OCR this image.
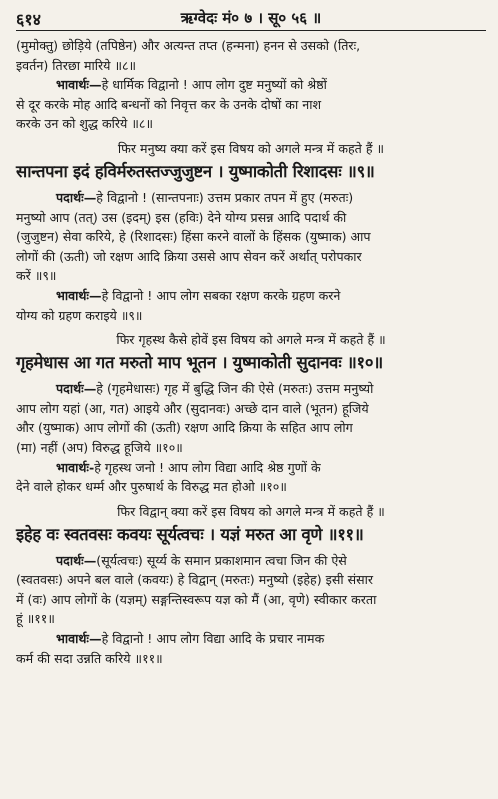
६१४	ऋग्वेदः मं० ७ । सू० ५६ ॥
(मुमोक्तु) छोड़िये (तपिष्ठेन) और अत्यन्त तप्त (हन्मना) हनन से उसको (तिरः,
इवर्तन) तिरछा मारिये ॥८॥
भावार्थः—हे धार्मिक विद्वानो ! आप लोग दुष्ट मनुष्यों को श्रेष्ठों
से दूर करके मोह आदि बन्धनों को निवृत्त कर के उनके दोषों का नाश
करके उन को शुद्ध करिये ॥८॥
फिर मनुष्य क्या करें इस विषय को अगले मन्त्र में कहते हैं ॥
सान्तपना इदं हविर्मरुतस्तज्जुजुष्टन । युष्माकोती रिशादसः ॥९॥
पदार्थः—हे विद्वानो ! (सान्तपनाः) उत्तम प्रकार तपन में हुए (मरुतः)
मनुष्यो आप (तत्) उस (इदम्) इस (हविः) देने योग्य प्रसन्न आदि पदार्थ की
(जुजुष्टन) सेवा करिये, हे (रिशादसः) हिंसा करने वालों के हिंसक (युष्माक) आप
लोगों की (ऊती) जो रक्षण आदि क्रिया उससे आप सेवन करें अर्थात् परोपकार
करें ॥९॥
भावार्थः—हे विद्वानो ! आप लोग सबका रक्षण करके ग्रहण करने
योग्य को ग्रहण कराइये ॥९॥
फिर गृहस्थ कैसे होवें इस विषय को अगले मन्त्र में कहते हैं ॥
गृहमेधास आ गत मरुतो माप भूतन । युष्माकोती सुदानवः ॥१०॥
पदार्थः—हे (गृहमेधासः) गृह में बुद्धि जिन की ऐसे (मरुतः) उत्तम मनुष्यो
आप लोग यहां (आ, गत) आइये और (सुदानवः) अच्छे दान वाले (भूतन) हूजिये
और (युष्माक) आप लोगों की (ऊती) रक्षण आदि क्रिया के सहित आप लोग
(मा) नहीं (अप) विरुद्ध हूजिये ॥१०॥
भावार्थः-हे गृहस्थ जनो ! आप लोग विद्या आदि श्रेष्ठ गुणों के
देने वाले होकर धर्म्म और पुरुषार्थ के विरुद्ध मत होओ ॥१०॥
फिर विद्वान् क्या करें इस विषय को अगले मन्त्र में कहते हैं ॥
इहेह वः स्वतवसः कवयः सूर्यत्वचः । यज्ञं मरुत आ वृणे ॥११॥
पदार्थः—(सूर्यत्वचः) सूर्य्य के समान प्रकाशमान त्वचा जिन की ऐसे
(स्वतवसः) अपने बल वाले (कवयः) हे विद्वान् (मरुतः) मनुष्यो (इहेह) इसी संसार
में (वः) आप लोगों के (यज्ञम्) सङ्गन्तिस्वरूप यज्ञ को मैं (आ, वृणे) स्वीकार करता
हूं ॥११॥
भावार्थः—हे विद्वानो ! आप लोग विद्या आदि के प्रचार नामक
कर्म की सदा उन्नति करिये ॥११॥
